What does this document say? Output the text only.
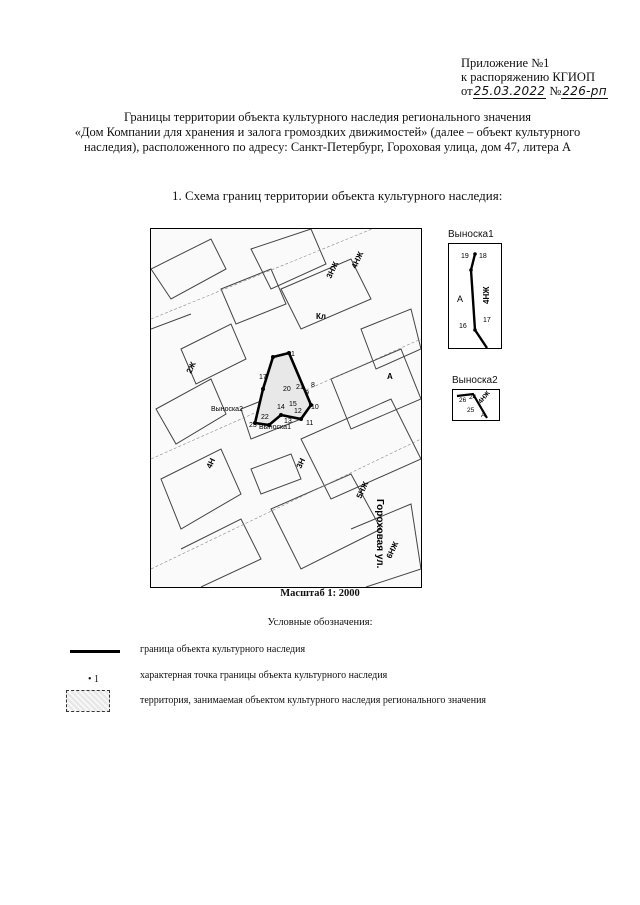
Приложение №1
к распоряжению КГИОП
от25.03.2022 №226-рп
Границы территории объекта культурного наследия регионального значения
«Дом Компании для хранения и залога громоздких движимостей» (далее – объект культурного
наследия), расположенного по адресу: Санкт-Петербург, Гороховая улица, дом 47, литера А
1. Схема границ территории объекта культурного наследия:
1
17
20 21
22
23
12
13
10
11
14 15
9
8
3НЖ
4НЖ
2Ж
4Н
5НЖ
6НЖ
3Н
Кл
А
Гороховая ул.
Выноска2
Выноска1
Выноска1
19 18
16
17
А 4НЖ
Выноска2
26 24
25
4НЖ
А
Масштаб 1: 2000
Условные обозначения:
граница объекта культурного наследия
• 1	характерная точка границы объекта культурного наследия
территория, занимаемая объектом культурного наследия регионального значения
